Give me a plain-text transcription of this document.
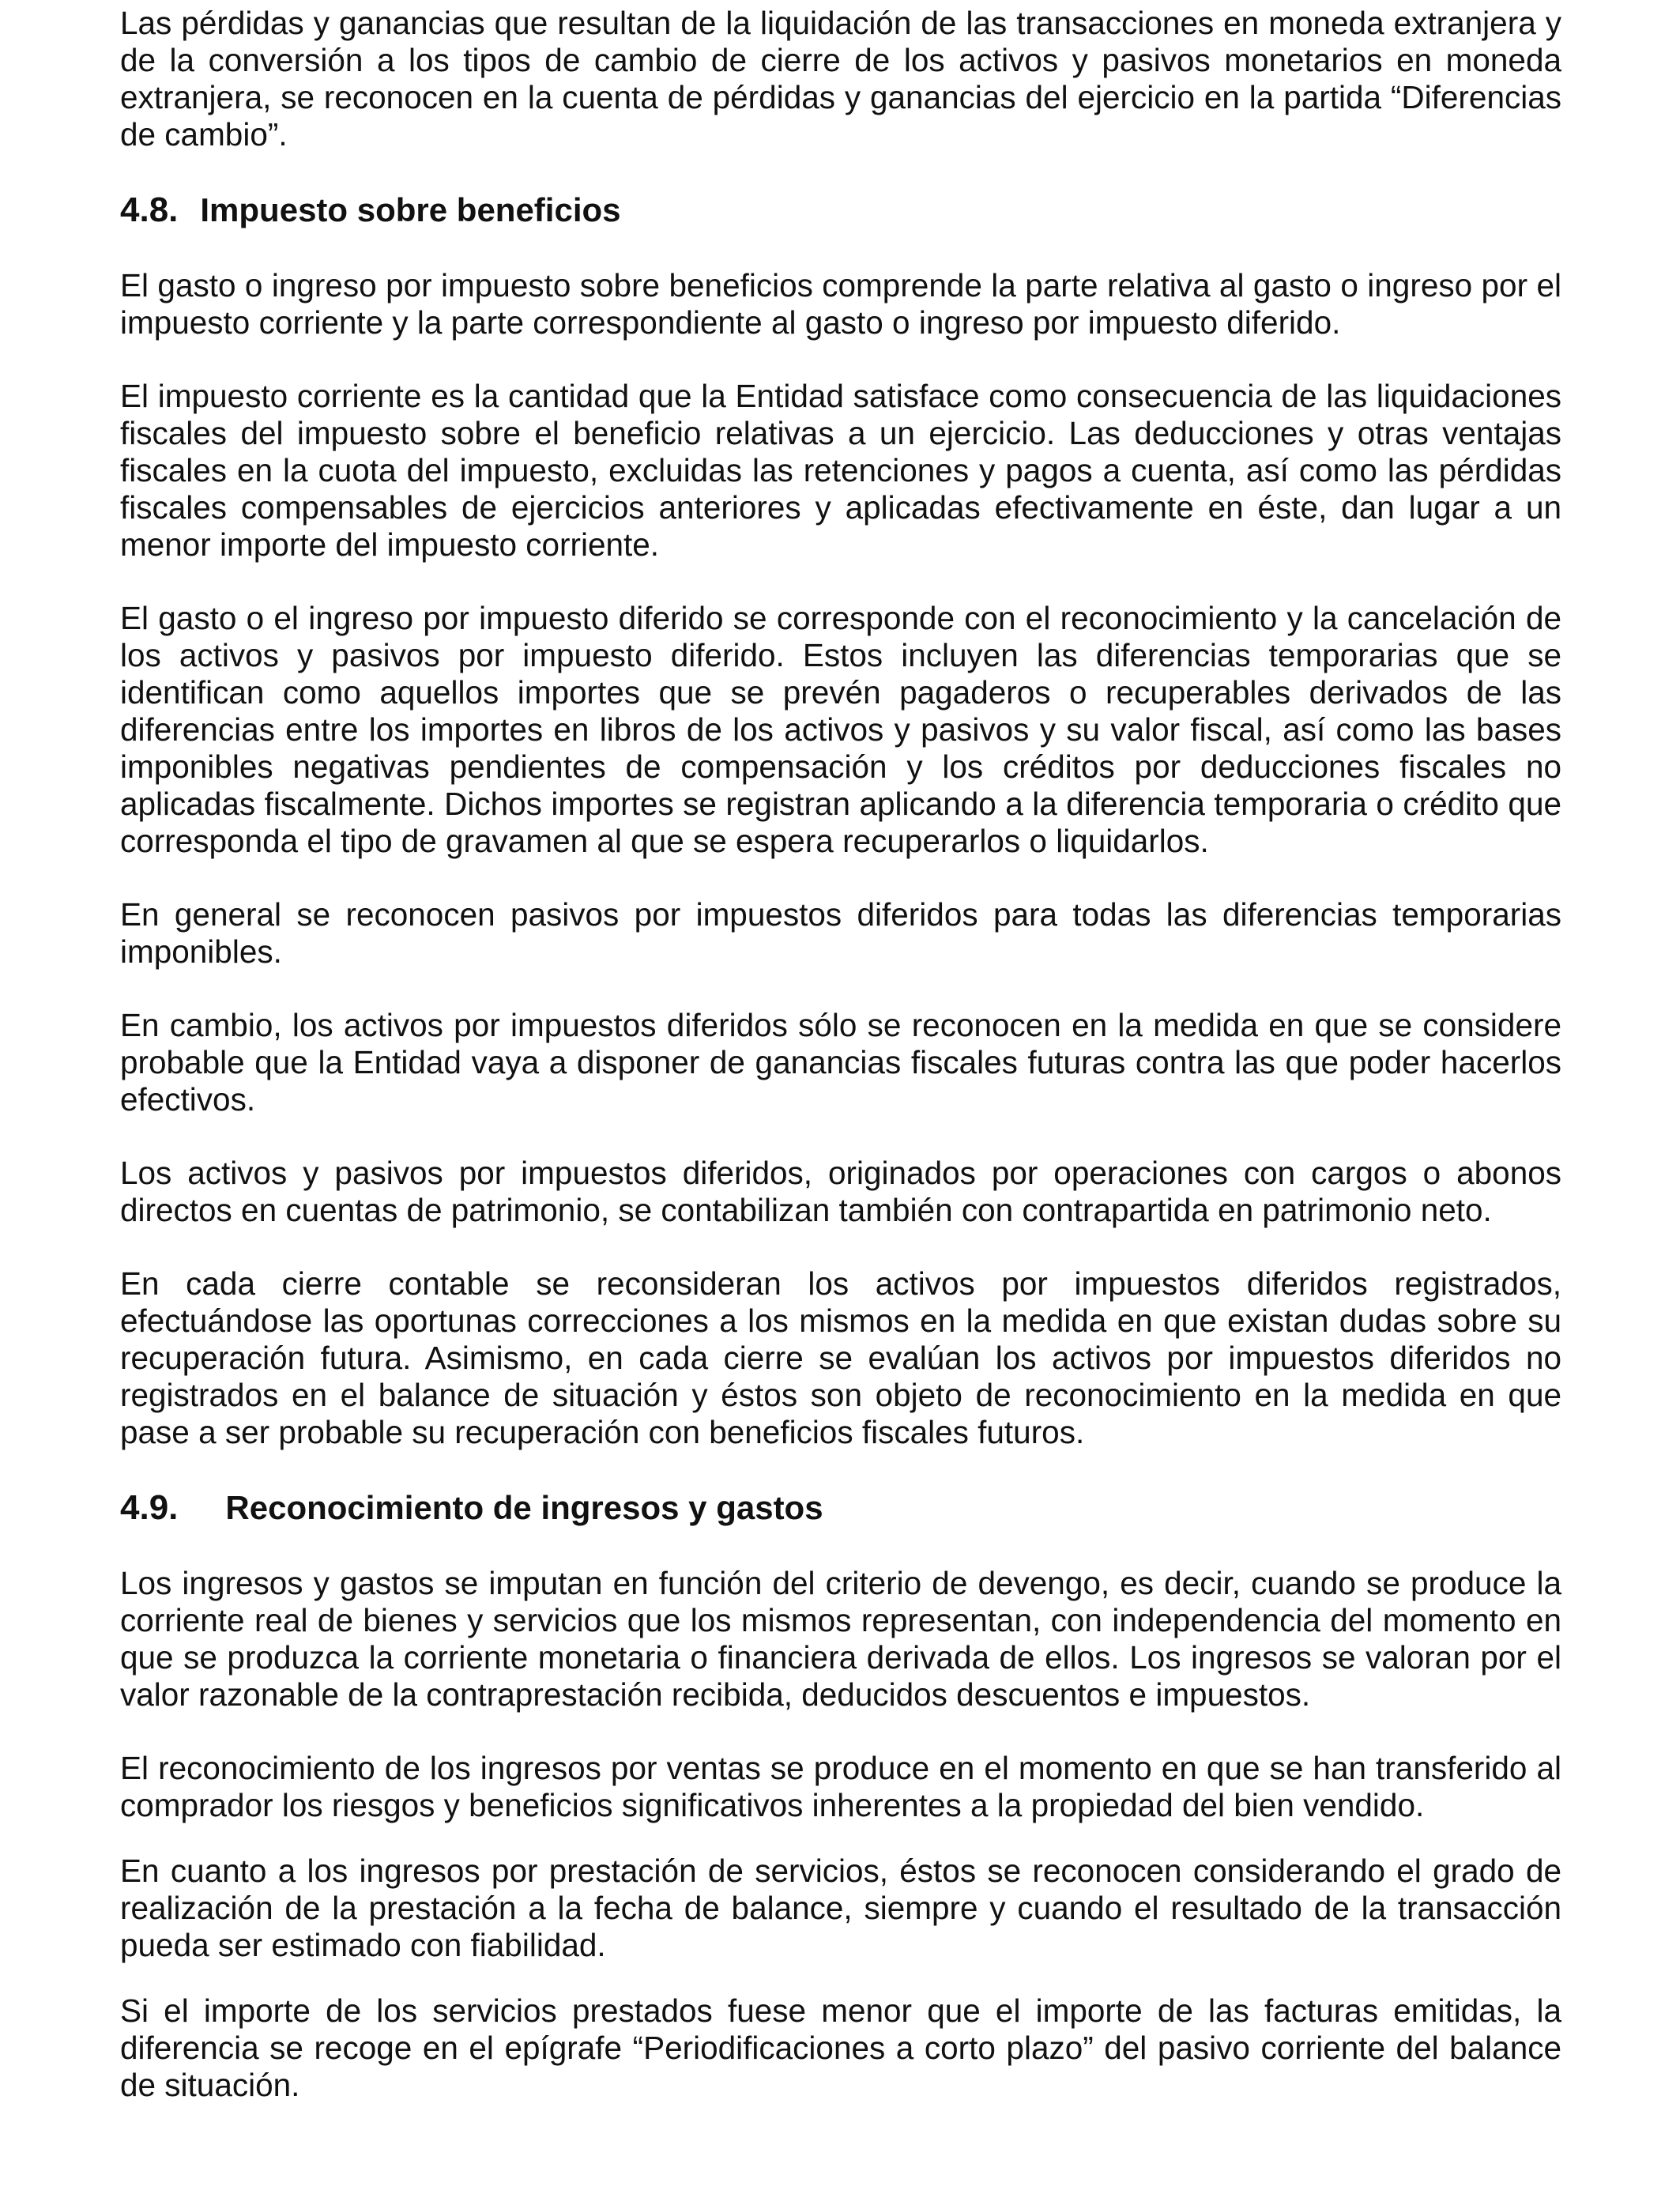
Las pérdidas y ganancias que resultan de la liquidación de las transacciones en moneda extranjera y de la conversión a los tipos de cambio de cierre de los activos y pasivos monetarios en moneda extranjera, se reconocen en la cuenta de pérdidas y ganancias del ejercicio en la partida “Diferencias de cambio”.

4.8. Impuesto sobre beneficios

El gasto o ingreso por impuesto sobre beneficios comprende la parte relativa al gasto o ingreso por el impuesto corriente y la parte correspondiente al gasto o ingreso por impuesto diferido.

El impuesto corriente es la cantidad que la Entidad satisface como consecuencia de las liquidaciones fiscales del impuesto sobre el beneficio relativas a un ejercicio. Las deducciones y otras ventajas fiscales en la cuota del impuesto, excluidas las retenciones y pagos a cuenta, así como las pérdidas fiscales compensables de ejercicios anteriores y aplicadas efectivamente en éste, dan lugar a un menor importe del impuesto corriente.

El gasto o el ingreso por impuesto diferido se corresponde con el reconocimiento y la cancelación de los activos y pasivos por impuesto diferido. Estos incluyen las diferencias temporarias que se identifican como aquellos importes que se prevén pagaderos o recuperables derivados de las diferencias entre los importes en libros de los activos y pasivos y su valor fiscal, así como las bases imponibles negativas pendientes de compensación y los créditos por deducciones fiscales no aplicadas fiscalmente. Dichos importes se registran aplicando a la diferencia temporaria o crédito que corresponda el tipo de gravamen al que se espera recuperarlos o liquidarlos.

En general se reconocen pasivos por impuestos diferidos para todas las diferencias temporarias imponibles.

En cambio, los activos por impuestos diferidos sólo se reconocen en la medida en que se considere probable que la Entidad vaya a disponer de ganancias fiscales futuras contra las que poder hacerlos efectivos.

Los activos y pasivos por impuestos diferidos, originados por operaciones con cargos o abonos directos en cuentas de patrimonio, se contabilizan también con contrapartida en patrimonio neto.

En cada cierre contable se reconsideran los activos por impuestos diferidos registrados, efectuándose las oportunas correcciones a los mismos en la medida en que existan dudas sobre su recuperación futura. Asimismo, en cada cierre se evalúan los activos por impuestos diferidos no registrados en el balance de situación y éstos son objeto de reconocimiento en la medida en que pase a ser probable su recuperación con beneficios fiscales futuros.

4.9. Reconocimiento de ingresos y gastos

Los ingresos y gastos se imputan en función del criterio de devengo, es decir, cuando se produce la corriente real de bienes y servicios que los mismos representan, con independencia del momento en que se produzca la corriente monetaria o financiera derivada de ellos. Los ingresos se valoran por el valor razonable de la contraprestación recibida, deducidos descuentos e impuestos.

El reconocimiento de los ingresos por ventas se produce en el momento en que se han transferido al comprador los riesgos y beneficios significativos inherentes a la propiedad del bien vendido.

En cuanto a los ingresos por prestación de servicios, éstos se reconocen considerando el grado de realización de la prestación a la fecha de balance, siempre y cuando el resultado de la transacción pueda ser estimado con fiabilidad.

Si el importe de los servicios prestados fuese menor que el importe de las facturas emitidas, la diferencia se recoge en el epígrafe “Periodificaciones a corto plazo” del pasivo corriente del balance de situación.
